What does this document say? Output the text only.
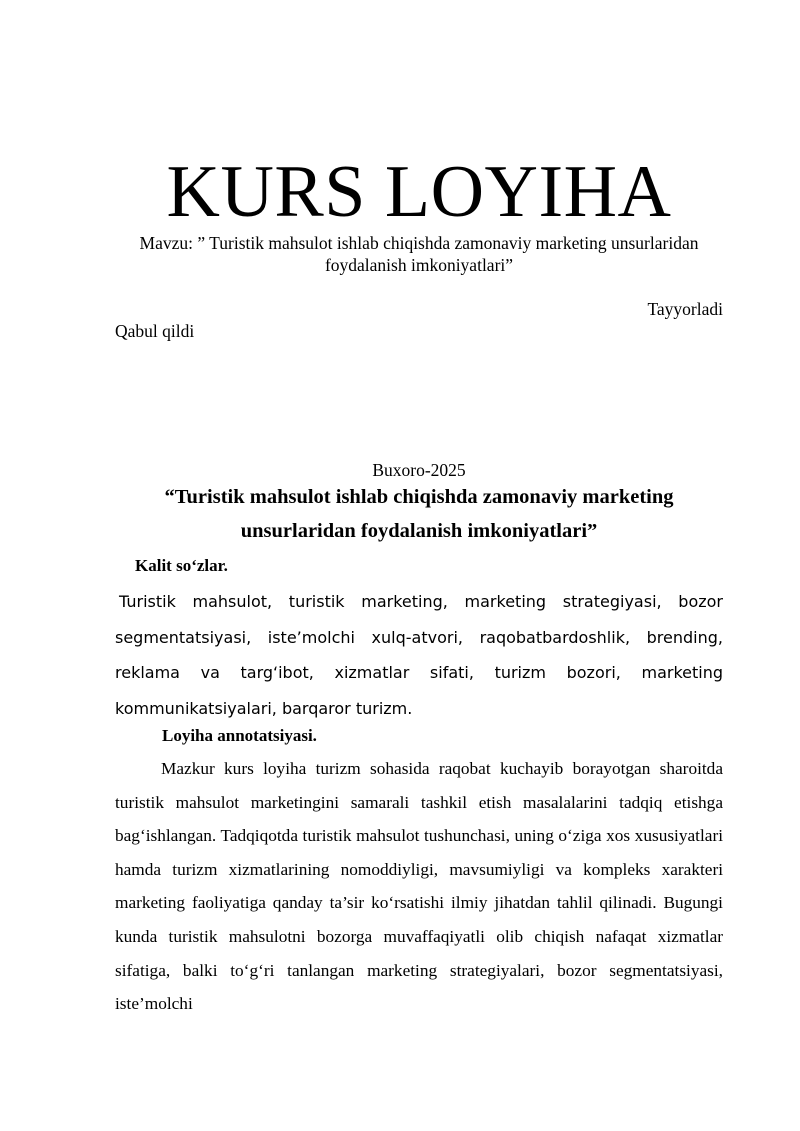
KURS LOYIHA
Mavzu: ” Turistik mahsulot ishlab chiqishda zamonaviy marketing unsurlaridan foydalanish imkoniyatlari”
Tayyorladi
Qabul qildi
Buxoro-2025
“Turistik mahsulot ishlab chiqishda zamonaviy marketing unsurlaridan foydalanish imkoniyatlari”
Kalit so‘zlar.
Turistik mahsulot, turistik marketing, marketing strategiyasi, bozor segmentatsiyasi, iste’molchi xulq-atvori, raqobatbardoshlik, brending, reklama va targ‘ibot, xizmatlar sifati, turizm bozori, marketing kommunikatsiyalari, barqaror turizm.
Loyiha annotatsiyasi.
Mazkur kurs loyiha turizm sohasida raqobat kuchayib borayotgan sharoitda turistik mahsulot marketingini samarali tashkil etish masalalarini tadqiq etishga bag‘ishlangan. Tadqiqotda turistik mahsulot tushunchasi, uning o‘ziga xos xususiyatlari hamda turizm xizmatlarining nomoddiyligi, mavsumiyligi va kompleks xarakteri marketing faoliyatiga qanday ta’sir ko‘rsatishi ilmiy jihatdan tahlil qilinadi. Bugungi kunda turistik mahsulotni bozorga muvaffaqiyatli olib chiqish nafaqat xizmatlar sifatiga, balki to‘g‘ri tanlangan marketing strategiyalari, bozor segmentatsiyasi, iste’molchi
